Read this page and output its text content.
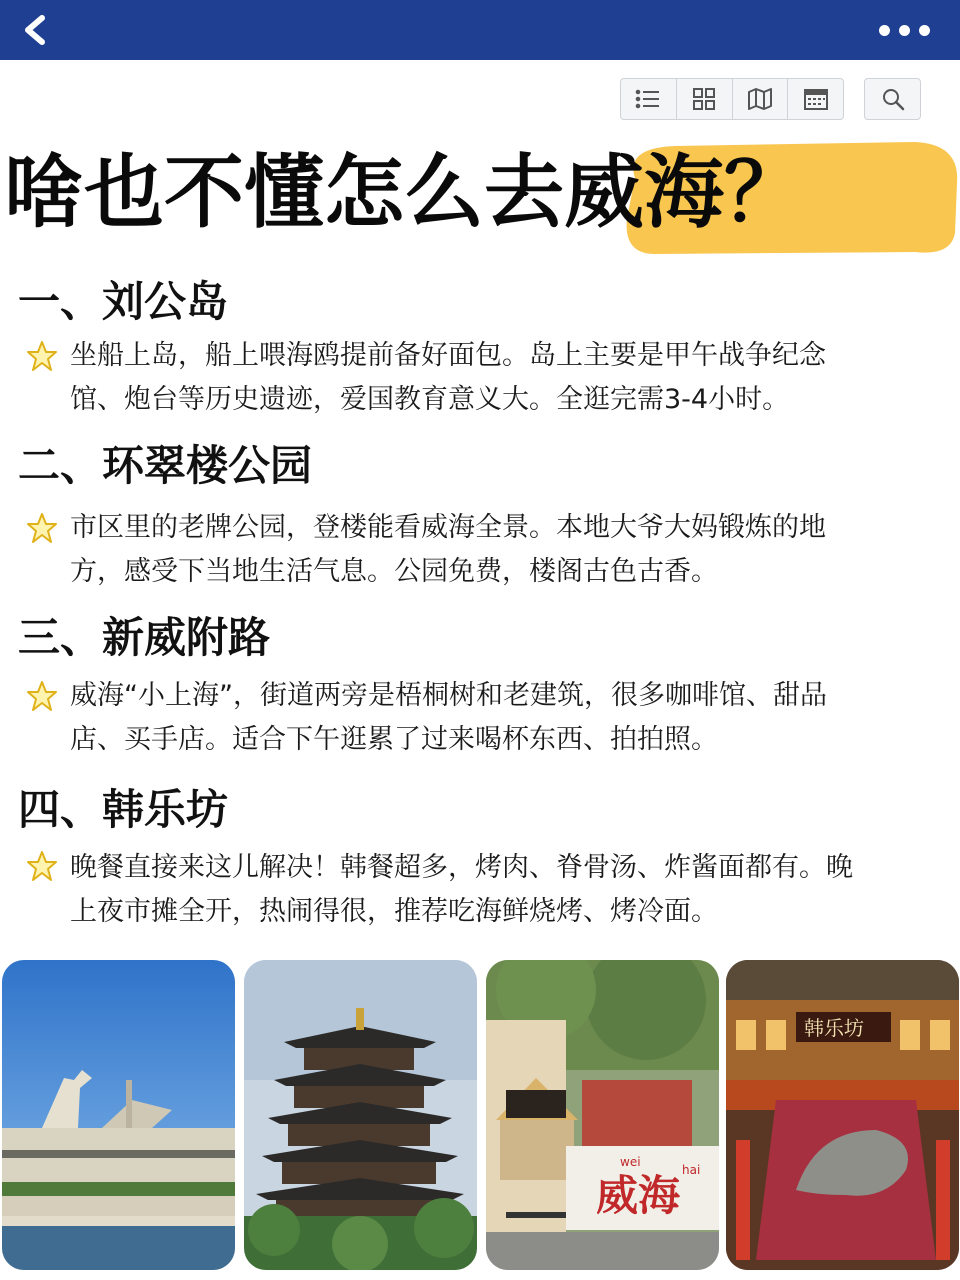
啥也不懂怎么去威海？
一、刘公岛
坐船上岛，船上喂海鸥提前备好面包。岛上主要是甲午战争纪念馆、炮台等历史遗迹，爱国教育意义大。全逛完需3-4小时。
二、环翠楼公园
市区里的老牌公园，登楼能看威海全景。本地大爷大妈锻炼的地方，感受下当地生活气息。公园免费，楼阁古色古香。
三、新威附路
威海“小上海”，街道两旁是梧桐树和老建筑，很多咖啡馆、甜品店、买手店。适合下午逛累了过来喝杯东西、拍拍照。
四、韩乐坊
晚餐直接来这儿解决！韩餐超多，烤肉、脊骨汤、炸酱面都有。晚上夜市摊全开，热闹得很，推荐吃海鲜烧烤、烤冷面。
威海
wei
hai
韩乐坊
